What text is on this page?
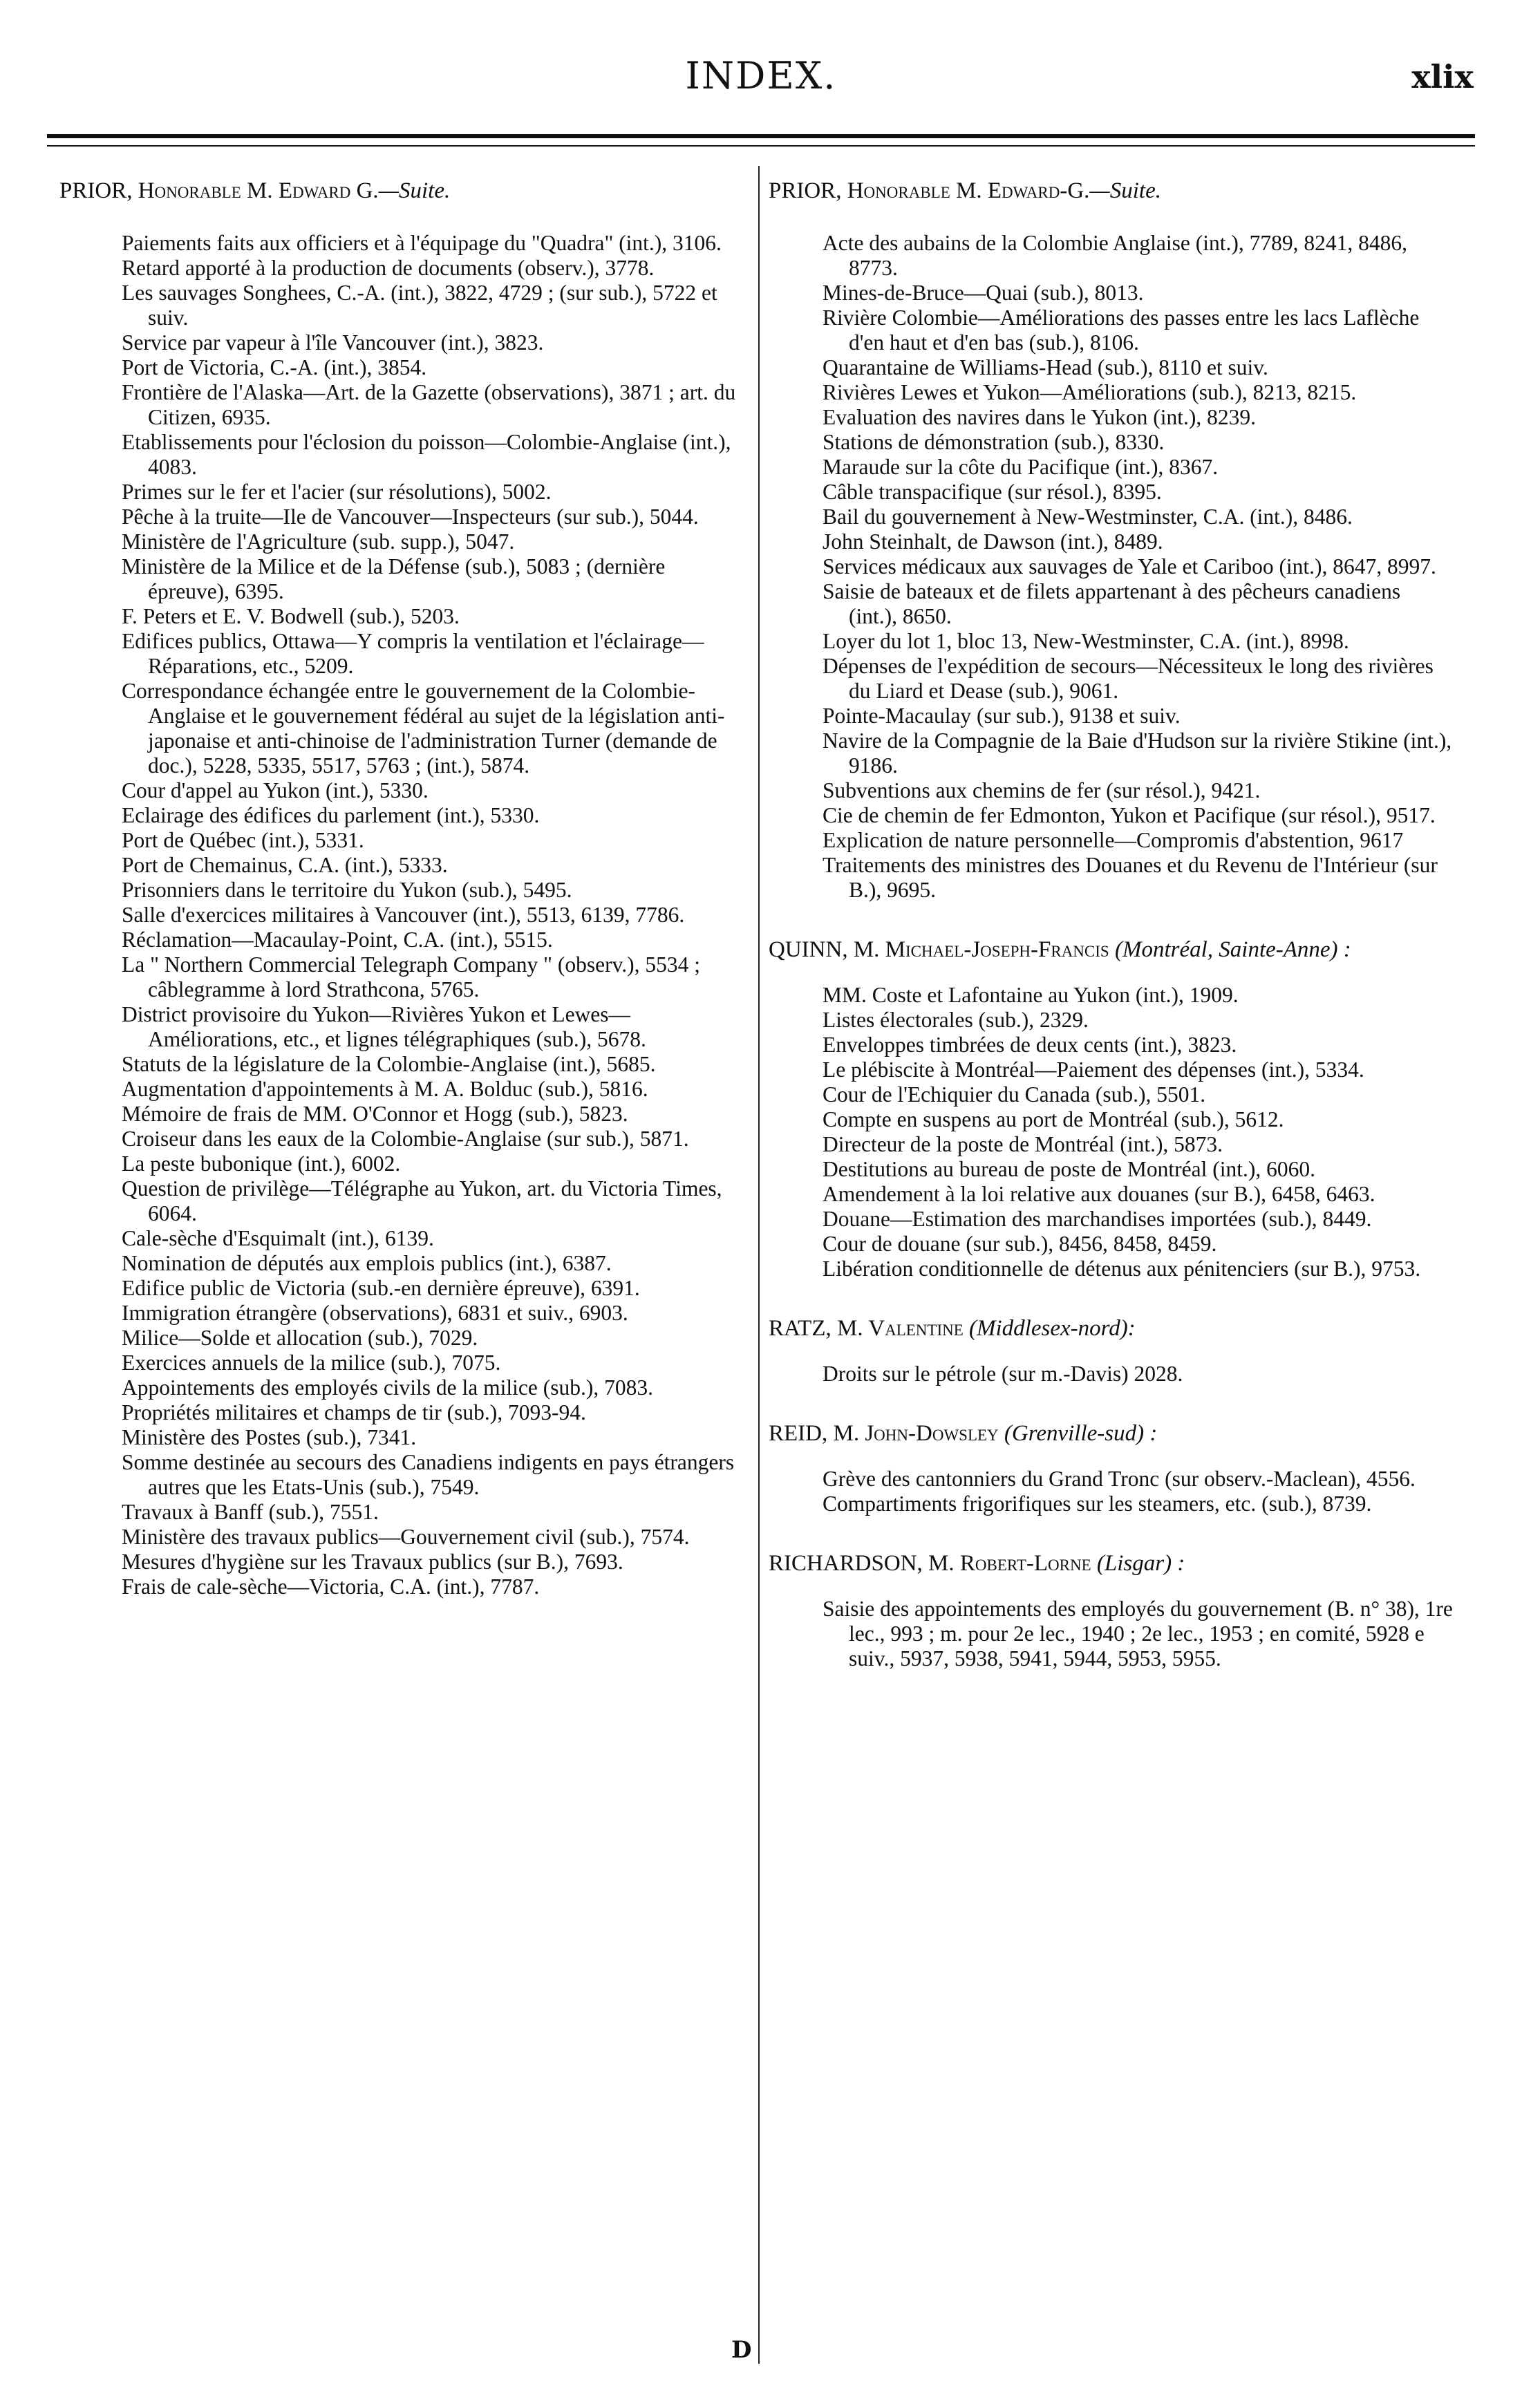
INDEX.	xlix

PRIOR, Honorable M. Edward G.—Suite.

Paiements faits aux officiers et à l'équipage du "Quadra" (int.), 3106.

Retard apporté à la production de documents (observ.), 3778.

Les sauvages Songhees, C.-A. (int.), 3822, 4729 ; (sur sub.), 5722 et suiv.

Service par vapeur à l'île Vancouver (int.), 3823.

Port de Victoria, C.-A. (int.), 3854.

Frontière de l'Alaska—Art. de la Gazette (observations), 3871 ; art. du Citizen, 6935.

Etablissements pour l'éclosion du poisson—Colombie-Anglaise (int.), 4083.

Primes sur le fer et l'acier (sur résolutions), 5002.

Pêche à la truite—Ile de Vancouver—Inspecteurs (sur sub.), 5044.

Ministère de l'Agriculture (sub. supp.), 5047.

Ministère de la Milice et de la Défense (sub.), 5083 ; (dernière épreuve), 6395.

F. Peters et E. V. Bodwell (sub.), 5203.

Edifices publics, Ottawa—Y compris la ventilation et l'éclairage—Réparations, etc., 5209.

Correspondance échangée entre le gouvernement de la Colombie-Anglaise et le gouvernement fédéral au sujet de la législation anti-japonaise et anti-chinoise de l'administration Turner (demande de doc.), 5228, 5335, 5517, 5763 ; (int.), 5874.

Cour d'appel au Yukon (int.), 5330.

Eclairage des édifices du parlement (int.), 5330.

Port de Québec (int.), 5331.

Port de Chemainus, C.A. (int.), 5333.

Prisonniers dans le territoire du Yukon (sub.), 5495.

Salle d'exercices militaires à Vancouver (int.), 5513, 6139, 7786.

Réclamation—Macaulay-Point, C.A. (int.), 5515.

La " Northern Commercial Telegraph Company " (observ.), 5534 ; câblegramme à lord Strathcona, 5765.

District provisoire du Yukon—Rivières Yukon et Lewes—Améliorations, etc., et lignes télégraphiques (sub.), 5678.

Statuts de la législature de la Colombie-Anglaise (int.), 5685.

Augmentation d'appointements à M. A. Bolduc (sub.), 5816.

Mémoire de frais de MM. O'Connor et Hogg (sub.), 5823.

Croiseur dans les eaux de la Colombie-Anglaise (sur sub.), 5871.

La peste bubonique (int.), 6002.

Question de privilège—Télégraphe au Yukon, art. du Victoria Times, 6064.

Cale-sèche d'Esquimalt (int.), 6139.

Nomination de députés aux emplois publics (int.), 6387.

Edifice public de Victoria (sub.-en dernière épreuve), 6391.

Immigration étrangère (observations), 6831 et suiv., 6903.

Milice—Solde et allocation (sub.), 7029.

Exercices annuels de la milice (sub.), 7075.

Appointements des employés civils de la milice (sub.), 7083.

Propriétés militaires et champs de tir (sub.), 7093-94.

Ministère des Postes (sub.), 7341.

Somme destinée au secours des Canadiens indigents en pays étrangers autres que les Etats-Unis (sub.), 7549.

Travaux à Banff (sub.), 7551.

Ministère des travaux publics—Gouvernement civil (sub.), 7574.

Mesures d'hygiène sur les Travaux publics (sur B.), 7693.

Frais de cale-sèche—Victoria, C.A. (int.), 7787.

PRIOR, Honorable M. Edward-G.—Suite.

Acte des aubains de la Colombie Anglaise (int.), 7789, 8241, 8486, 8773.

Mines-de-Bruce—Quai (sub.), 8013.

Rivière Colombie—Améliorations des passes entre les lacs Laflèche d'en haut et d'en bas (sub.), 8106.

Quarantaine de Williams-Head (sub.), 8110 et suiv.

Rivières Lewes et Yukon—Améliorations (sub.), 8213, 8215.

Evaluation des navires dans le Yukon (int.), 8239.

Stations de démonstration (sub.), 8330.

Maraude sur la côte du Pacifique (int.), 8367.

Câble transpacifique (sur résol.), 8395.

Bail du gouvernement à New-Westminster, C.A. (int.), 8486.

John Steinhalt, de Dawson (int.), 8489.

Services médicaux aux sauvages de Yale et Cariboo (int.), 8647, 8997.

Saisie de bateaux et de filets appartenant à des pêcheurs canadiens (int.), 8650.

Loyer du lot 1, bloc 13, New-Westminster, C.A. (int.), 8998.

Dépenses de l'expédition de secours—Nécessiteux le long des rivières du Liard et Dease (sub.), 9061.

Pointe-Macaulay (sur sub.), 9138 et suiv.

Navire de la Compagnie de la Baie d'Hudson sur la rivière Stikine (int.), 9186.

Subventions aux chemins de fer (sur résol.), 9421.

Cie de chemin de fer Edmonton, Yukon et Pacifique (sur résol.), 9517.

Explication de nature personnelle—Compromis d'abstention, 9617

Traitements des ministres des Douanes et du Revenu de l'Intérieur (sur B.), 9695.

QUINN, M. Michael-Joseph-Francis (Montréal, Sainte-Anne) :

MM. Coste et Lafontaine au Yukon (int.), 1909.

Listes électorales (sub.), 2329.

Enveloppes timbrées de deux cents (int.), 3823.

Le plébiscite à Montréal—Paiement des dépenses (int.), 5334.

Cour de l'Echiquier du Canada (sub.), 5501.

Compte en suspens au port de Montréal (sub.), 5612.

Directeur de la poste de Montréal (int.), 5873.

Destitutions au bureau de poste de Montréal (int.), 6060.

Amendement à la loi relative aux douanes (sur B.), 6458, 6463.

Douane—Estimation des marchandises importées (sub.), 8449.

Cour de douane (sur sub.), 8456, 8458, 8459.

Libération conditionnelle de détenus aux pénitenciers (sur B.), 9753.

RATZ, M. Valentine (Middlesex-nord):

Droits sur le pétrole (sur m.-Davis) 2028.

REID, M. John-Dowsley (Grenville-sud) :

Grève des cantonniers du Grand Tronc (sur observ.-Maclean), 4556.

Compartiments frigorifiques sur les steamers, etc. (sub.), 8739.

RICHARDSON, M. Robert-Lorne (Lisgar) :

Saisie des appointements des employés du gouvernement (B. n° 38), 1re lec., 993 ; m. pour 2e lec., 1940 ; 2e lec., 1953 ; en comité, 5928 e suiv., 5937, 5938, 5941, 5944, 5953, 5955.

D
